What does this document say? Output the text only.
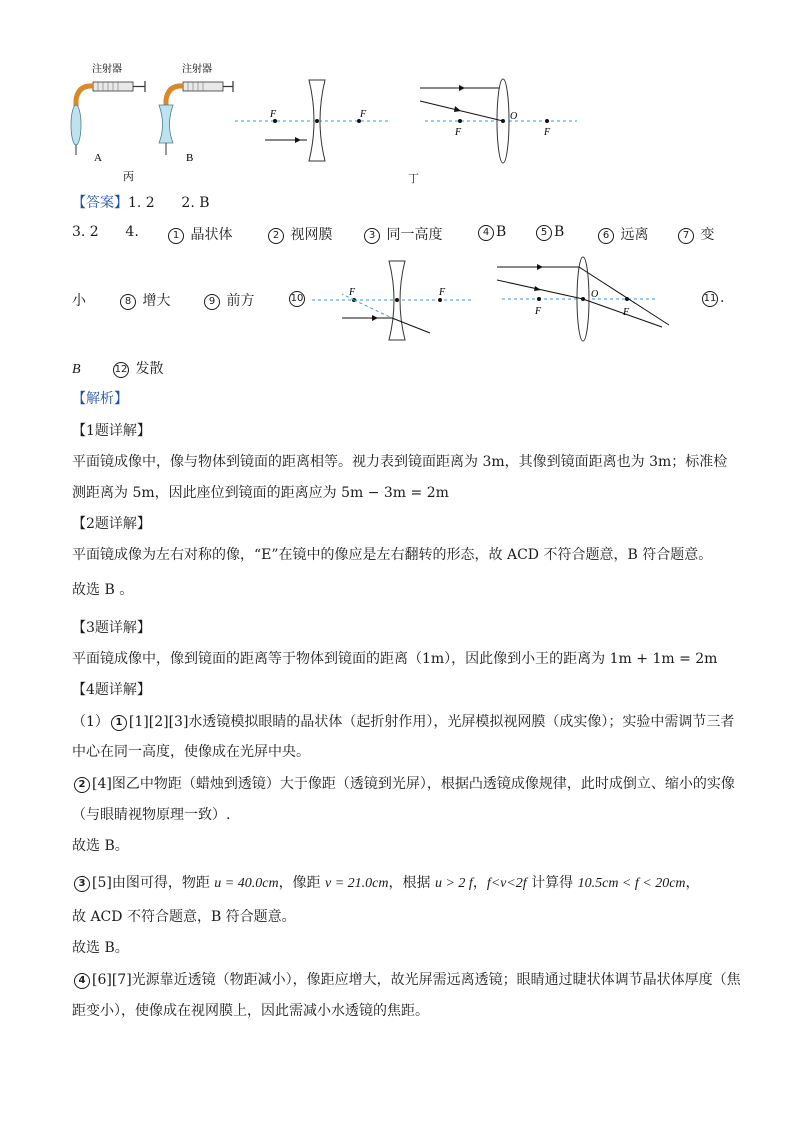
注射器
A
注射器
B
丙
F	F
F
O
F
丁
【答案】1. 2      2. B
3. 2      4.	1 晶状体	2 视网膜	3 同一高度	4 B	5 B	6 远离	7 变
小	8 增大	9 前方	10	11 .
F	F
F
O
F
B	12 发散
【解析】
【1题详解】
平面镜成像中，像与物体到镜面的距离相等。视力表到镜面距离为 3m，其像到镜面距离也为 3m；标准检
测距离为 5m，因此座位到镜面的距离应为 5m − 3m = 2m
【2题详解】
平面镜成像为左右对称的像，“E”在镜中的像应是左右翻转的形态，故 ACD 不符合题意，B 符合题意。
故选 B 。
【3题详解】
平面镜成像中，像到镜面的距离等于物体到镜面的距离（1m），因此像到小王的距离为 1m + 1m = 2m
【4题详解】
（1） 1 [1][2][3]水透镜模拟眼睛的晶状体（起折射作用），光屏模拟视网膜（成实像）；实验中需调节三者
中心在同一高度，使像成在光屏中央。
2 [4]图乙中物距（蜡烛到透镜）大于像距（透镜到光屏），根据凸透镜成像规律，此时成倒立、缩小的实像
（与眼睛视物原理一致）.
故选 B。
3 [5]由图可得，物距 u = 40.0cm，像距 v = 21.0cm，根据 u > 2 f，f<v<2f 计算得 10.5cm < f < 20cm，
故 ACD 不符合题意，B 符合题意。
故选 B。
4 [6][7]光源靠近透镜（物距减小），像距应增大，故光屏需远离透镜；眼睛通过睫状体调节晶状体厚度（焦
距变小），使像成在视网膜上，因此需减小水透镜的焦距。
